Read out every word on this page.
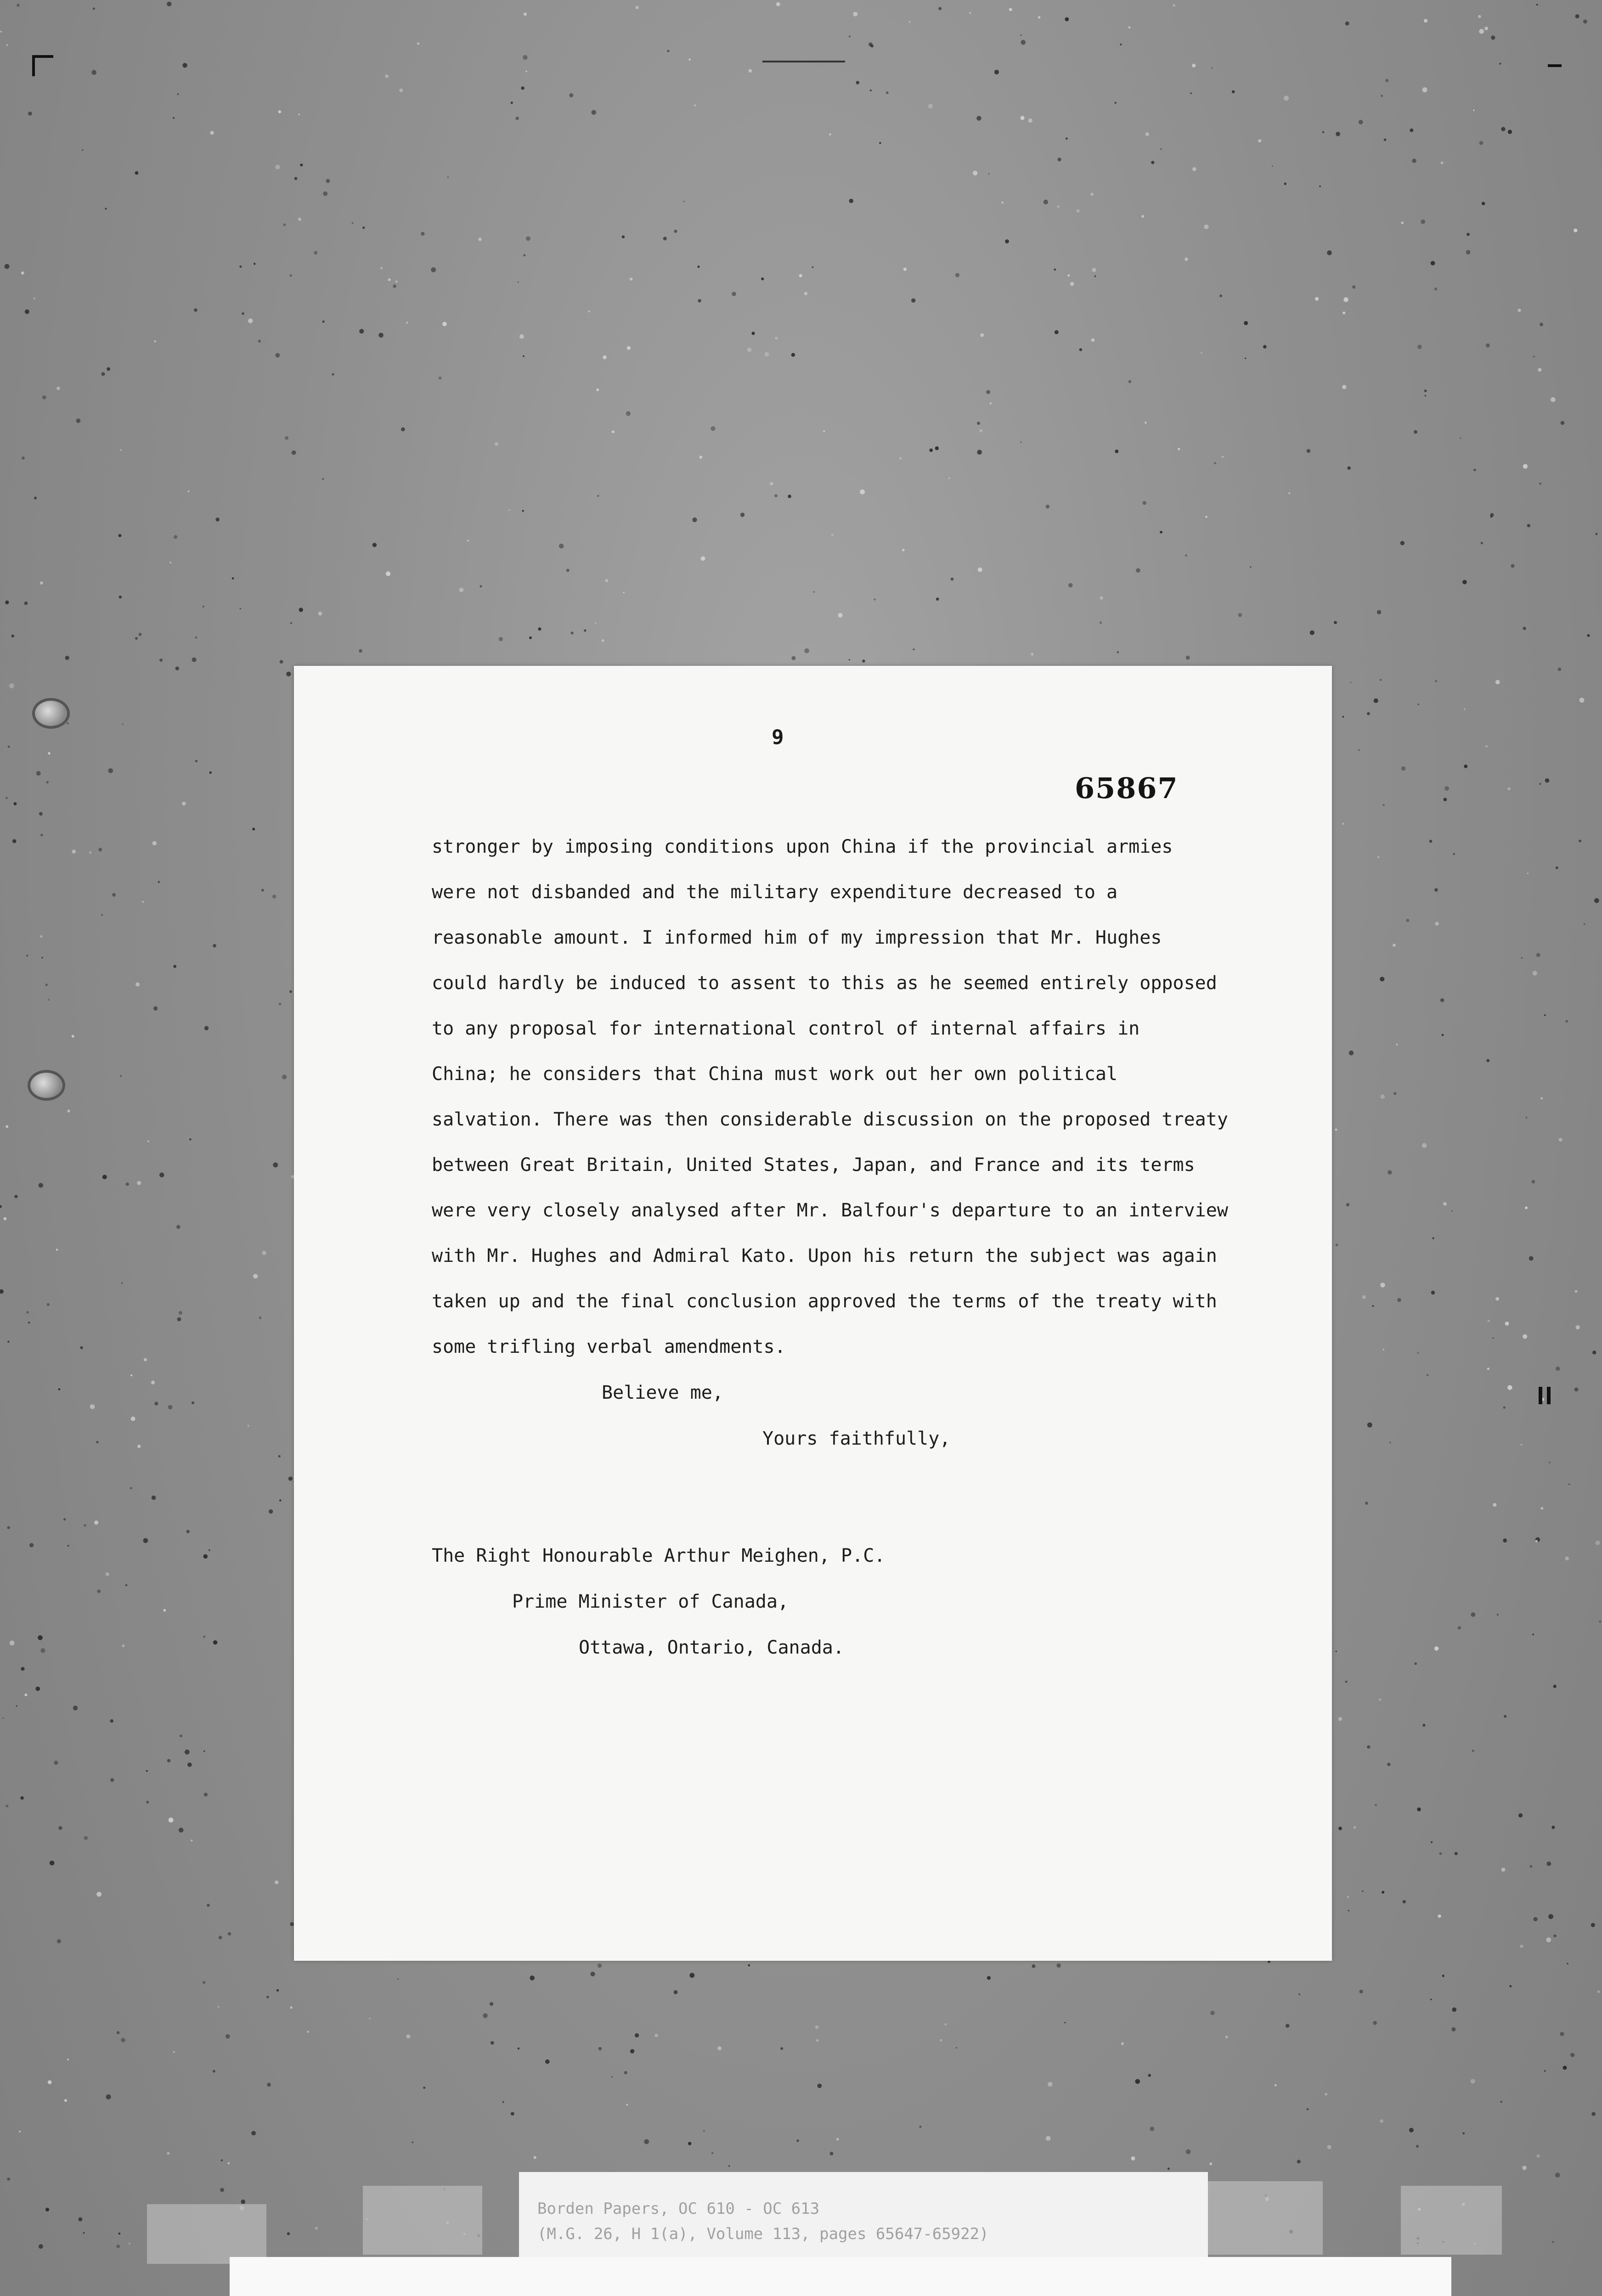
9
65867
stronger by imposing conditions upon China if the provincial armies
were not disbanded and the military expenditure decreased to a
reasonable amount. I informed him of my impression that Mr. Hughes
could hardly be induced to assent to this as he seemed entirely opposed
to any proposal for international control of internal affairs in
China; he considers that China must work out her own political
salvation. There was then considerable discussion on the proposed treaty
between Great Britain, United States, Japan, and France and its terms
were very closely analysed after Mr. Balfour's departure to an interview
with Mr. Hughes and Admiral Kato. Upon his return the subject was again
taken up and the final conclusion approved the terms of the treaty with
some trifling verbal amendments.
Believe me,
Yours faithfully,
The Right Honourable Arthur Meighen, P.C.
Prime Minister of Canada,
Ottawa, Ontario, Canada.
Borden Papers, OC 610 - OC 613
(M.G. 26, H 1(a), Volume 113, pages 65647-65922)
